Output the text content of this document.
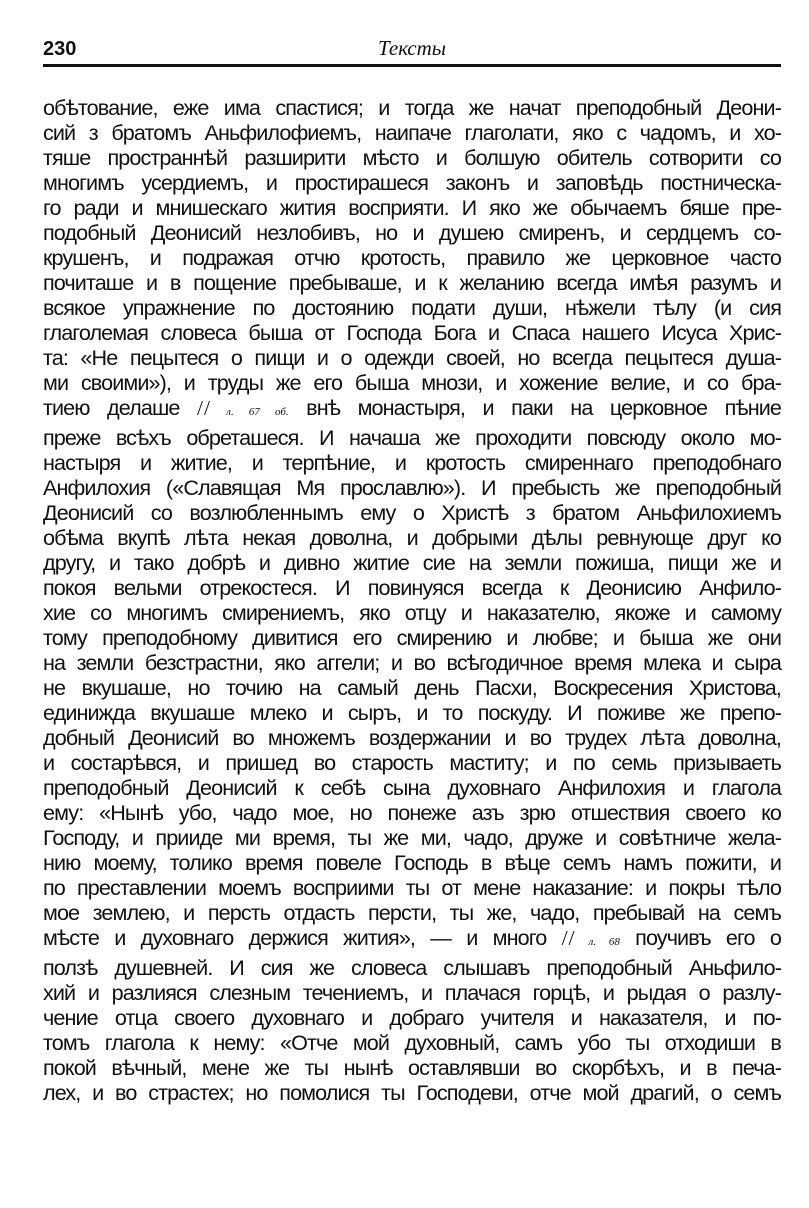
230	Тексты
обѣтование, еже има спастися; и тогда же начат преподобный Деони-
сий з братомъ Аньфилофиемъ, наипаче глаголати, яко с чадомъ, и хо-
тяше пространнѣй разширити мѣсто и болшую обитель сотворити со
многимъ усердиемъ, и простирашеся законъ и заповѣдь постническа-
го ради и мнишескаго жития восприяти. И яко же обычаемъ бяше пре-
подобный Деонисий незлобивъ, но и душею смиренъ, и сердцемъ со-
крушенъ, и подражая отчю кротость, правило же церковное часто
почиташе и в пощение пребываше, и к желанию всегда имѣя разумъ и
всякое упражнение по достоянию подати души, нѣжели тѣлу (и сия
глаголемая словеса быша от Господа Бога и Спаса нашего Исуса Хрис-
та: «Не пецытеся о пищи и о одежди своей, но всегда пецытеся душа-
ми своими»), и труды же его быша мнози, и хожение велие, и со бра-
тиею делаше // л. 67 об. внѣ монастыря, и паки на церковное пѣние
преже всѣхъ обреташеся. И начаша же проходити повсюду около мо-
настыря и житие, и терпѣние, и кротость смиреннаго преподобнаго
Анфилохия («Славящая Мя прославлю»). И пребысть же преподобный
Деонисий со возлюбленнымъ ему о Христѣ з братом Аньфилохиемъ
обѣма вкупѣ лѣта некая доволна, и добрыми дѣлы ревнующе друг ко
другу, и тако добрѣ и дивно житие сие на земли пожиша, пищи же и
покоя вельми отрекостеся. И повинуяся всегда к Деонисию Анфило-
хие со многимъ смирениемъ, яко отцу и наказателю, якоже и самому
тому преподобному дивитися его смирению и любве; и быша же они
на земли безстрастни, яко аггели; и во всѣгодичное время млека и сыра
не вкушаше, но точию на самый день Пасхи, Воскресения Христова,
единижда вкушаше млеко и сыръ, и то поскуду. И поживе же препо-
добный Деонисий во множемъ воздержании и во трудех лѣта доволна,
и состарѣвся, и пришед во старость маститу; и по семь призываеть
преподобный Деонисий к себѣ сына духовнаго Анфилохия и глагола
ему: «Нынѣ убо, чадо мое, но понеже азъ зрю отшествия своего ко
Господу, и прииде ми время, ты же ми, чадо, друже и совѣтниче жела-
нию моему, толико время повеле Господь в вѣце семъ намъ пожити, и
по преставлении моемъ восприими ты от мене наказание: и покры тѣло
мое землею, и персть отдасть персти, ты же, чадо, пребывай на семъ
мѣсте и духовнаго держися жития», — и много // л. 68 поучивъ его о
ползѣ душевней. И сия же словеса слышавъ преподобный Аньфило-
хий и разлияся слезным течениемъ, и плачася горцѣ, и рыдая о разлу-
чение отца своего духовнаго и добраго учителя и наказателя, и по-
томъ глагола к нему: «Отче мой духовный, самъ убо ты отходиши в
покой вѣчный, мене же ты нынѣ оставлявши во скорбѣхъ, и в печа-
лех, и во страстех; но помолися ты Господеви, отче мой драгий, о семъ
